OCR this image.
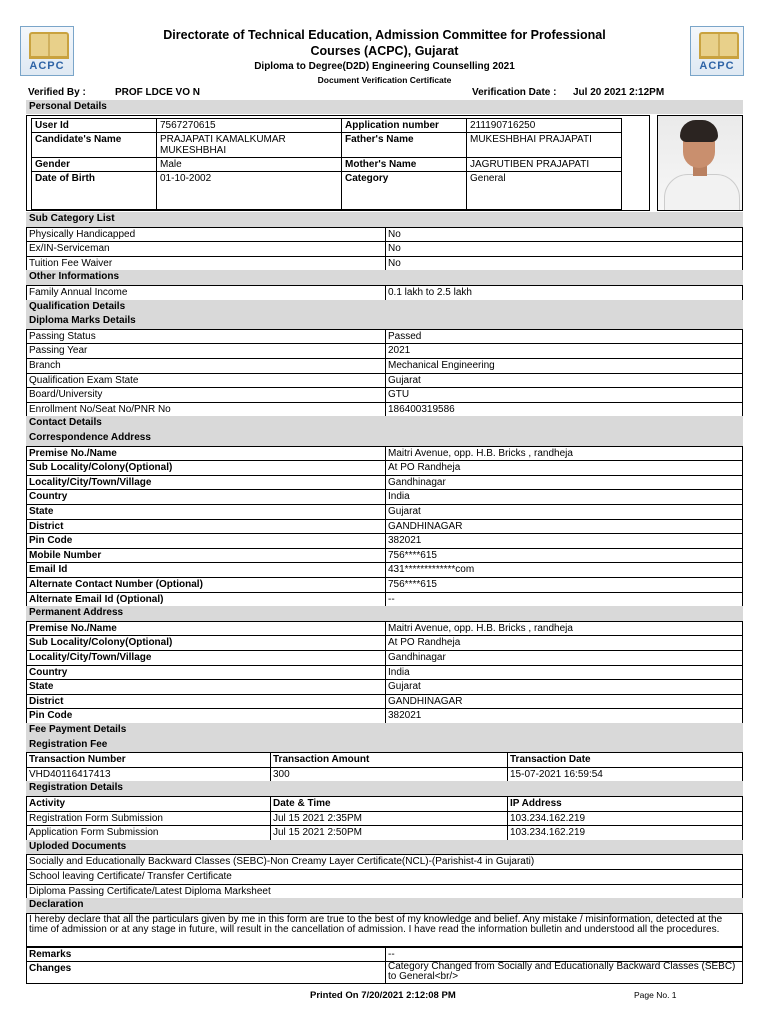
ACPC	ACPC
Directorate of Technical Education, Admission Committee for Professional
Courses (ACPC), Gujarat
Diploma to Degree(D2D) Engineering Counselling 2021
Document Verification Certificate
Verified By :	PROF LDCE VO N	Verification Date : Jul 20 2021 2:12PM
Personal Details
User Id	7567270615	Application number	211190716250
Candidate's Name	PRAJAPATI KAMALKUMAR MUKESHBHAI	Father's Name	MUKESHBHAI PRAJAPATI
Gender	Male	Mother's Name	JAGRUTIBEN PRAJAPATI
Date of Birth	01-10-2002	Category	General
Sub Category List
Physically Handicapped	No
Ex/IN-Serviceman	No
Tuition Fee Waiver	No
Other Informations
Family Annual Income	0.1 lakh to 2.5 lakh
Qualification Details
Diploma Marks Details
Passing Status	Passed
Passing Year	2021
Branch	Mechanical Engineering
Qualification Exam State	Gujarat
Board/University	GTU
Enrollment No/Seat No/PNR No	186400319586
Contact Details
Correspondence Address
Premise No./Name	Maitri Avenue, opp. H.B. Bricks , randheja
Sub Locality/Colony(Optional)	At PO Randheja
Locality/City/Town/Village	Gandhinagar
Country	India
State	Gujarat
District	GANDHINAGAR
Pin Code	382021
Mobile Number	756****615
Email Id	431*************com
Alternate Contact Number (Optional)	756****615
Alternate Email Id (Optional)	--
Permanent Address
Premise No./Name	Maitri Avenue, opp. H.B. Bricks , randheja
Sub Locality/Colony(Optional)	At PO Randheja
Locality/City/Town/Village	Gandhinagar
Country	India
State	Gujarat
District	GANDHINAGAR
Pin Code	382021
Fee Payment Details
Registration Fee
Transaction Number	Transaction Amount	Transaction Date
VHD40116417413	300	15-07-2021 16:59:54
Registration Details
Activity	Date & Time	IP Address
Registration Form Submission	Jul 15 2021 2:35PM	103.234.162.219
Application Form Submission	Jul 15 2021 2:50PM	103.234.162.219
Uploded Documents
Socially and Educationally Backward Classes (SEBC)-Non Creamy Layer Certificate(NCL)-(Parishist-4 in Gujarati)
School leaving Certificate/ Transfer Certificate
Diploma Passing Certificate/Latest Diploma Marksheet
Declaration
I hereby declare that all the particulars given by me in this form are true to the best of my knowledge and belief. Any mistake / misinformation, detected at the time of admission or at any stage in future, will result in the cancellation of admission. I have read the information bulletin and understood all the procedures.
Remarks	--
Changes	Category Changed from Socially and Educationally Backward Classes (SEBC) to General<br/>
Printed On 7/20/2021 2:12:08 PM	Page No. 1
